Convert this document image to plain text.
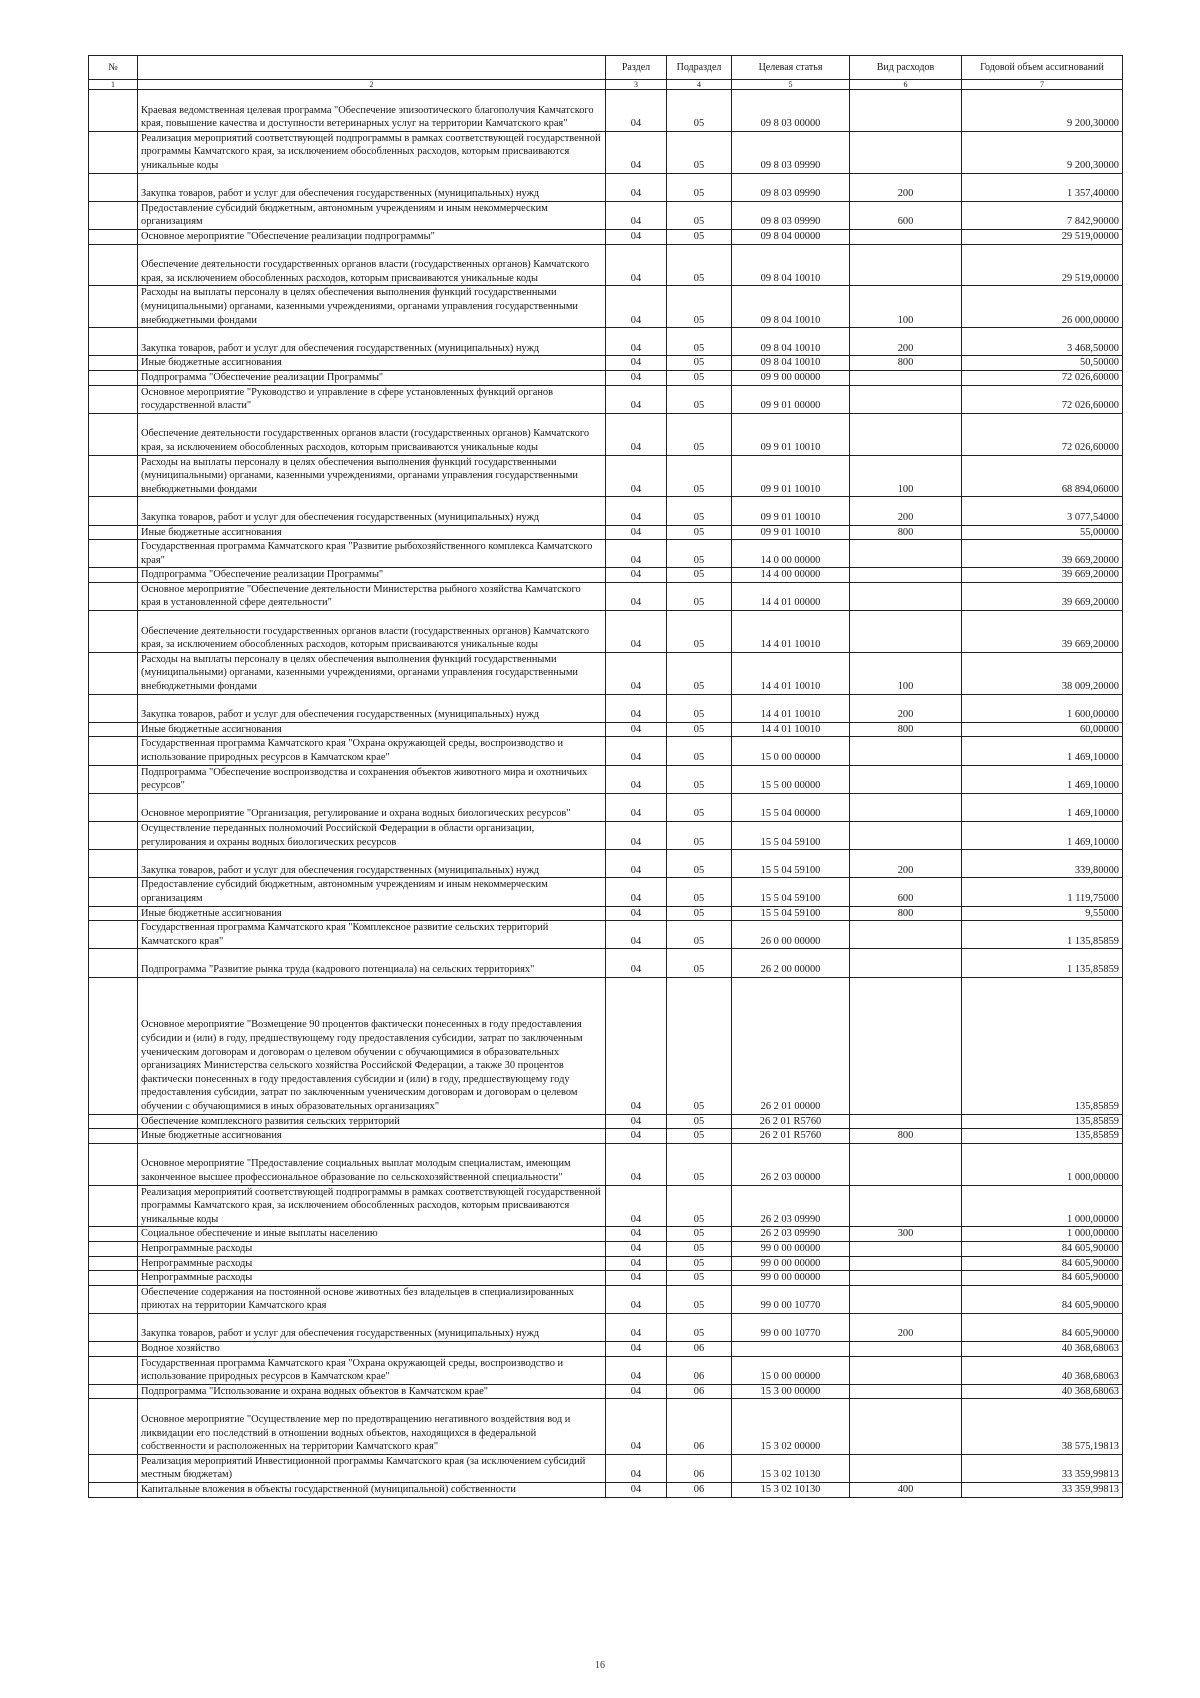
№		Раздел	Подраздел	Целевая статья	Вид расходов	Годовой объем ассигнований
1	2	3	4	5	6	7
	Краевая ведомственная целевая программа "Обеспечение эпизоотического благополучия Камчатского края, повышение качества и доступности ветеринарных услуг на территории Камчатского края"	04	05	09 8 03 00000		9 200,30000
	Реализация мероприятий соответствующей подпрограммы в рамках соответствующей государственной программы Камчатского края, за исключением обособленных расходов, которым присваиваются уникальные коды	04	05	09 8 03 09990		9 200,30000
	Закупка товаров, работ и услуг для обеспечения государственных (муниципальных) нужд	04	05	09 8 03 09990	200	1 357,40000
	Предоставление субсидий бюджетным, автономным учреждениям и иным некоммерческим организациям	04	05	09 8 03 09990	600	7 842,90000
	Основное мероприятие "Обеспечение реализации подпрограммы"	04	05	09 8 04 00000		29 519,00000
	Обеспечение деятельности государственных органов власти (государственных органов) Камчатского края, за исключением обособленных расходов, которым присваиваются уникальные коды	04	05	09 8 04 10010		29 519,00000
	Расходы на выплаты персоналу в целях обеспечения выполнения функций государственными (муниципальными) органами, казенными учреждениями, органами управления государственными внебюджетными фондами	04	05	09 8 04 10010	100	26 000,00000
	Закупка товаров, работ и услуг для обеспечения государственных (муниципальных) нужд	04	05	09 8 04 10010	200	3 468,50000
	Иные бюджетные ассигнования	04	05	09 8 04 10010	800	50,50000
	Подпрограмма "Обеспечение реализации Программы"	04	05	09 9 00 00000		72 026,60000
	Основное мероприятие "Руководство и управление в сфере установленных функций органов государственной власти"	04	05	09 9 01 00000		72 026,60000
	Обеспечение деятельности государственных органов власти (государственных органов) Камчатского края, за исключением обособленных расходов, которым присваиваются уникальные коды	04	05	09 9 01 10010		72 026,60000
	Расходы на выплаты персоналу в целях обеспечения выполнения функций государственными (муниципальными) органами, казенными учреждениями, органами управления государственными внебюджетными фондами	04	05	09 9 01 10010	100	68 894,06000
	Закупка товаров, работ и услуг для обеспечения государственных (муниципальных) нужд	04	05	09 9 01 10010	200	3 077,54000
	Иные бюджетные ассигнования	04	05	09 9 01 10010	800	55,00000
	Государственная программа Камчатского края "Развитие рыбохозяйственного комплекса Камчатского края"	04	05	14 0 00 00000		39 669,20000
	Подпрограмма "Обеспечение реализации Программы"	04	05	14 4 00 00000		39 669,20000
	Основное мероприятие "Обеспечение деятельности Министерства рыбного хозяйства Камчатского края в установленной сфере деятельности"	04	05	14 4 01 00000		39 669,20000
	Обеспечение деятельности государственных органов власти (государственных органов) Камчатского края, за исключением обособленных расходов, которым присваиваются уникальные коды	04	05	14 4 01 10010		39 669,20000
	Расходы на выплаты персоналу в целях обеспечения выполнения функций государственными (муниципальными) органами, казенными учреждениями, органами управления государственными внебюджетными фондами	04	05	14 4 01 10010	100	38 009,20000
	Закупка товаров, работ и услуг для обеспечения государственных (муниципальных) нужд	04	05	14 4 01 10010	200	1 600,00000
	Иные бюджетные ассигнования	04	05	14 4 01 10010	800	60,00000
	Государственная программа Камчатского края "Охрана окружающей среды, воспроизводство и использование природных ресурсов в Камчатском крае"	04	05	15 0 00 00000		1 469,10000
	Подпрограмма "Обеспечение воспроизводства и сохранения объектов животного мира и охотничьих ресурсов"	04	05	15 5 00 00000		1 469,10000
	Основное мероприятие "Организация, регулирование и охрана водных биологических ресурсов"	04	05	15 5 04 00000		1 469,10000
	Осуществление переданных полномочий Российской Федерации в области организации, регулирования и охраны водных биологических ресурсов	04	05	15 5 04 59100		1 469,10000
	Закупка товаров, работ и услуг для обеспечения государственных (муниципальных) нужд	04	05	15 5 04 59100	200	339,80000
	Предоставление субсидий бюджетным, автономным учреждениям и иным некоммерческим организациям	04	05	15 5 04 59100	600	1 119,75000
	Иные бюджетные ассигнования	04	05	15 5 04 59100	800	9,55000
	Государственная программа Камчатского края "Комплексное развитие сельских территорий Камчатского края"	04	05	26 0 00 00000		1 135,85859
	Подпрограмма "Развитие рынка труда (кадрового потенциала) на сельских территориях"	04	05	26 2 00 00000		1 135,85859
	Основное мероприятие "Возмещение 90 процентов фактически понесенных в году предоставления субсидии и (или) в году, предшествующему году предоставления субсидии, затрат по заключенным ученическим договорам и договорам о целевом обучении с обучающимися в образовательных организациях Министерства сельского хозяйства Российской Федерации, а также 30 процентов фактически понесенных в году предоставления субсидии и (или) в году, предшествующему году предоставления субсидии, затрат по заключенным ученическим договорам и договорам о целевом обучении с обучающимися в иных образовательных организациях"	04	05	26 2 01 00000		135,85859
	Обеспечение комплексного развития сельских территорий	04	05	26 2 01 R5760		135,85859
	Иные бюджетные ассигнования	04	05	26 2 01 R5760	800	135,85859
	Основное мероприятие "Предоставление социальных выплат молодым специалистам, имеющим законченное высшее профессиональное образование по сельскохозяйственной специальности"	04	05	26 2 03 00000		1 000,00000
	Реализация мероприятий соответствующей подпрограммы в рамках соответствующей государственной программы Камчатского края, за исключением обособленных расходов, которым присваиваются уникальные коды	04	05	26 2 03 09990		1 000,00000
	Социальное обеспечение и иные выплаты населению	04	05	26 2 03 09990	300	1 000,00000
	Непрограммные расходы	04	05	99 0 00 00000		84 605,90000
	Непрограммные расходы	04	05	99 0 00 00000		84 605,90000
	Непрограммные расходы	04	05	99 0 00 00000		84 605,90000
	Обеспечение содержания на постоянной основе животных без владельцев в специализированных приютах на территории Камчатского края	04	05	99 0 00 10770		84 605,90000
	Закупка товаров, работ и услуг для обеспечения государственных (муниципальных) нужд	04	05	99 0 00 10770	200	84 605,90000
	Водное хозяйство	04	06			40 368,68063
	Государственная программа Камчатского края "Охрана окружающей среды, воспроизводство и использование природных ресурсов в Камчатском крае"	04	06	15 0 00 00000		40 368,68063
	Подпрограмма "Использование и охрана водных объектов в Камчатском крае"	04	06	15 3 00 00000		40 368,68063
	Основное мероприятие "Осуществление мер по предотвращению негативного воздействия вод и ликвидации его последствий в отношении водных объектов, находящихся в федеральной собственности и расположенных на территории Камчатского края"	04	06	15 3 02 00000		38 575,19813
	Реализация мероприятий Инвестиционной программы Камчатского края (за исключением субсидий местным бюджетам)	04	06	15 3 02 10130		33 359,99813
	Капитальные вложения в объекты государственной (муниципальной) собственности	04	06	15 3 02 10130	400	33 359,99813
16
